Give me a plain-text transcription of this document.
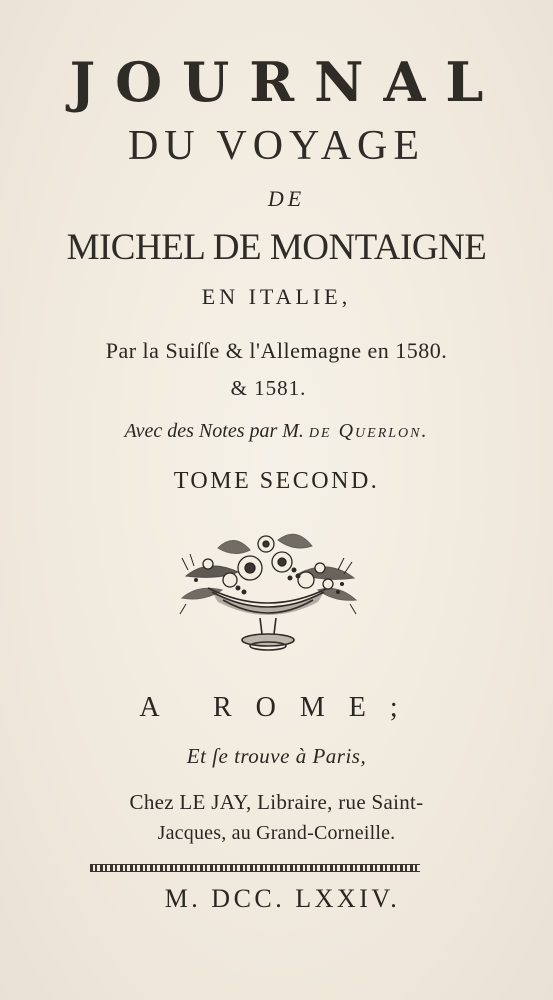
JOURNAL
DU VOYAGE
DE
MICHEL DE MONTAIGNE
EN ITALIE,
Par la Suiſſe & l'Allemagne en 1580.
& 1581.
Avec des Notes par M. de Querlon.
TOME SECOND.
A ROME;
Et ſe trouve à Paris,
Chez LE JAY, Libraire, rue Saint-
Jacques, au Grand-Corneille.
M. DCC. LXXIV.
